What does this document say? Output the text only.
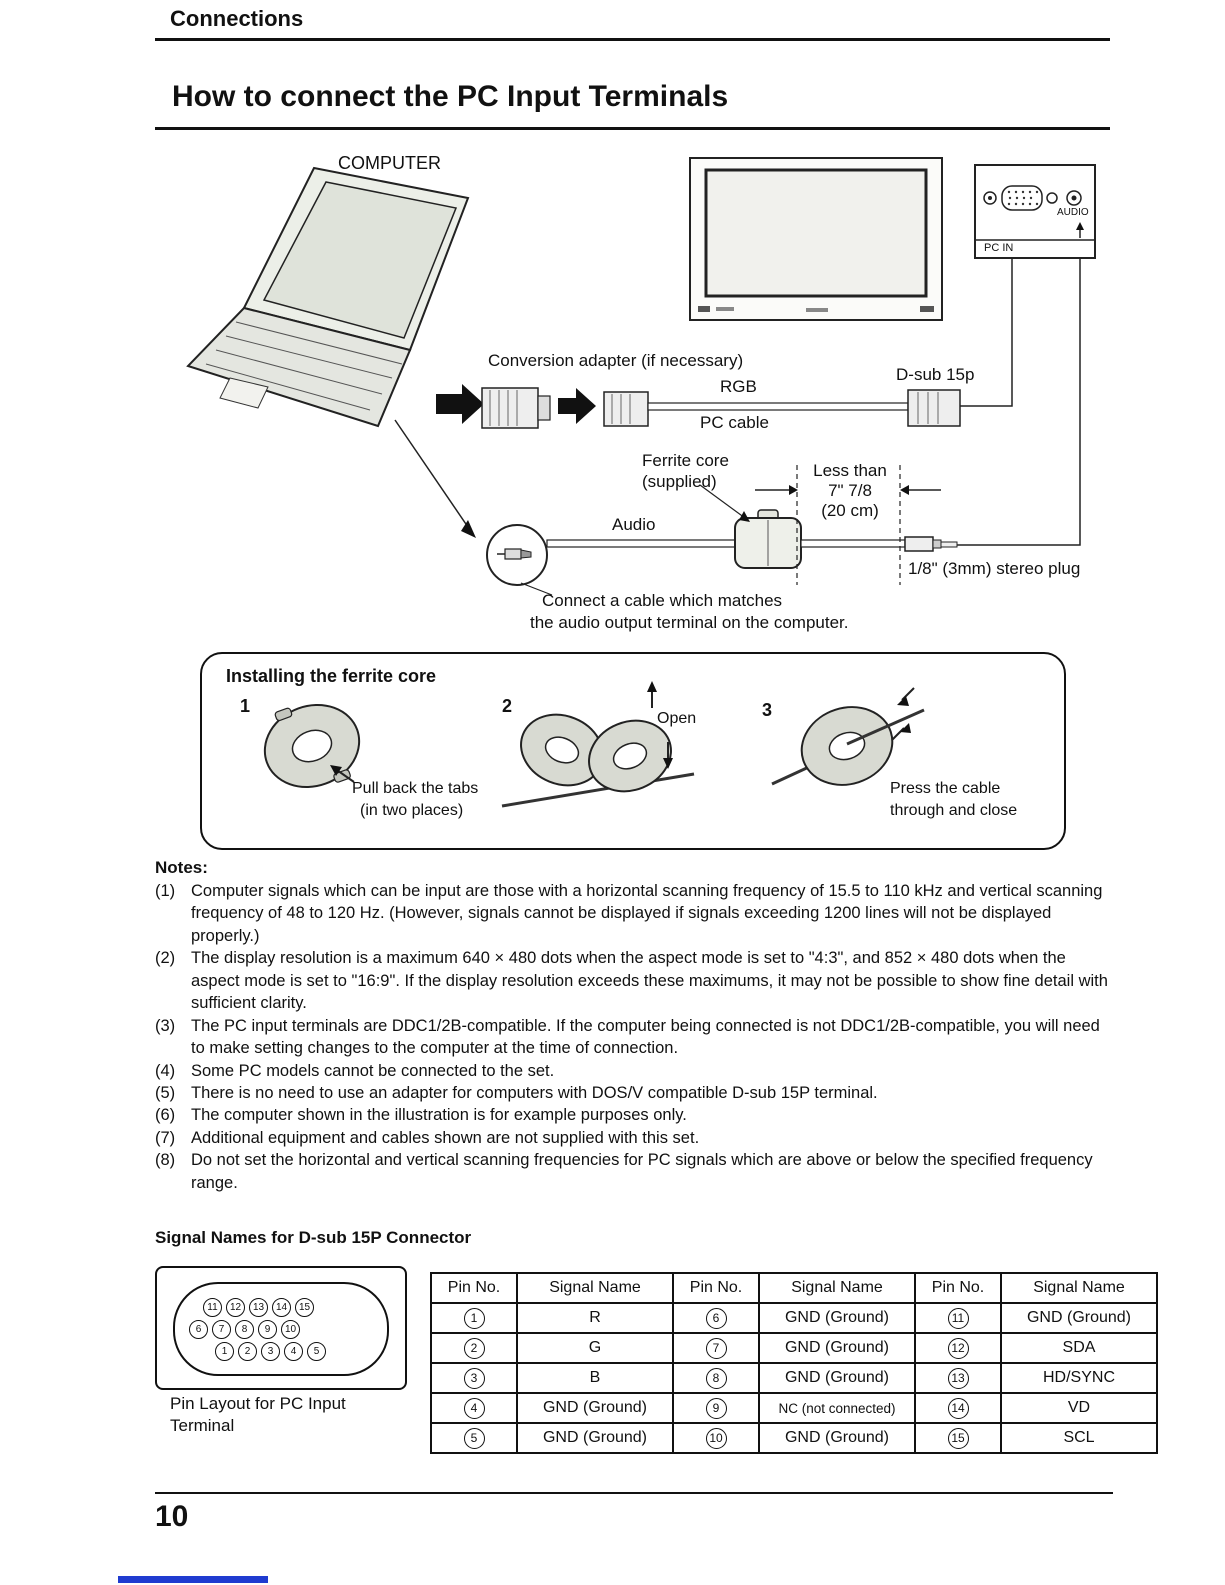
Connections
How to connect the PC Input Terminals
COMPUTER
Conversion adapter (if necessary)
D-sub 15p
RGB
PC cable
Ferrite core
(supplied)
Less than
7" 7/8
(20 cm)
Audio
1/8" (3mm) stereo plug
Connect a cable which matches
the audio output terminal on the computer.
PC IN
AUDIO
Installing the ferrite core
1	2	3
Open
Pull back the tabs
(in two places)
Press the cable
through and close
Notes:
(1) Computer signals which can be input are those with a horizontal scanning frequency of 15.5 to 110 kHz and vertical scanning frequency of 48 to 120 Hz. (However, signals cannot be displayed if signals exceeding 1200 lines will not be displayed properly.)
(2) The display resolution is a maximum 640 × 480 dots when the aspect mode is set to "4:3", and 852 × 480 dots when the aspect mode is set to "16:9". If the display resolution exceeds these maximums, it may not be possible to show fine detail with sufficient clarity.
(3) The PC input terminals are DDC1/2B-compatible. If the computer being connected is not DDC1/2B-compatible, you will need to make setting changes to the computer at the time of connection.
(4) Some PC models cannot be connected to the set.
(5) There is no need to use an adapter for computers with DOS/V compatible D-sub 15P terminal.
(6) The computer shown in the illustration is for example purposes only.
(7) Additional equipment and cables shown are not supplied with this set.
(8) Do not set the horizontal and vertical scanning frequencies for PC signals which are above or below the specified frequency range.
Signal Names for D-sub 15P Connector
11	12	13	14	15
6	7	8	9	10
1	2	3	4	5
Pin Layout for PC Input Terminal
Pin No.	Signal Name	Pin No.	Signal Name	Pin No.	Signal Name
1	R	6	GND (Ground)	11	GND (Ground)
2	G	7	GND (Ground)	12	SDA
3	B	8	GND (Ground)	13	HD/SYNC
4	GND (Ground)	9	NC (not connected)	14	VD
5	GND (Ground)	10	GND (Ground)	15	SCL
10
